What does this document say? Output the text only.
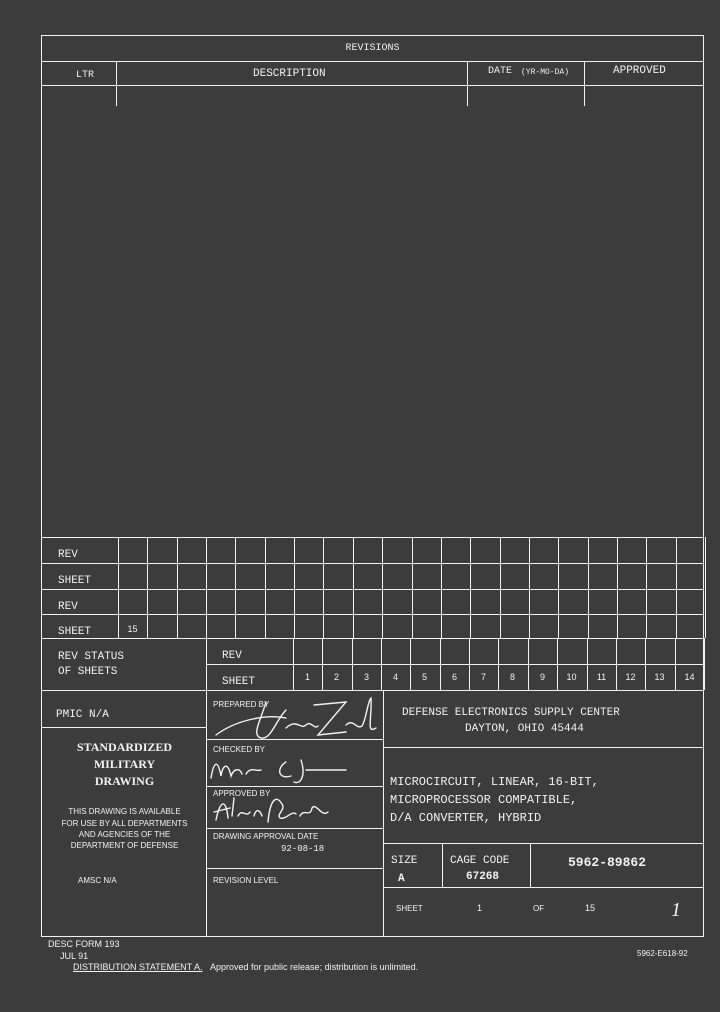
REVISIONS
LTR	DESCRIPTION	DATE (YR-MO-DA)	APPROVED
REV
SHEET
REV
SHEET	15
REV STATUS
OF SHEETS
REV
SHEET	1	2	3	4	5	6	7	8	9	10	11	12	13	14
PMIC N/A
STANDARDIZED
MILITARY
DRAWING
THIS DRAWING IS AVAILABLE
FOR USE BY ALL DEPARTMENTS
AND AGENCIES OF THE
DEPARTMENT OF DEFENSE
AMSC N/A
PREPARED BY
CHECKED BY
APPROVED BY
DRAWING APPROVAL DATE
92-08-18
REVISION LEVEL
DEFENSE ELECTRONICS SUPPLY CENTER
DAYTON, OHIO 45444
MICROCIRCUIT, LINEAR, 16-BIT,
MICROPROCESSOR COMPATIBLE,
D/A CONVERTER, HYBRID
SIZE
A
CAGE CODE
67268
5962-89862
SHEET	1	OF	15	1
DESC FORM 193
JUL 91
DISTRIBUTION STATEMENT A. Approved for public release; distribution is unlimited.
5962-E618-92
